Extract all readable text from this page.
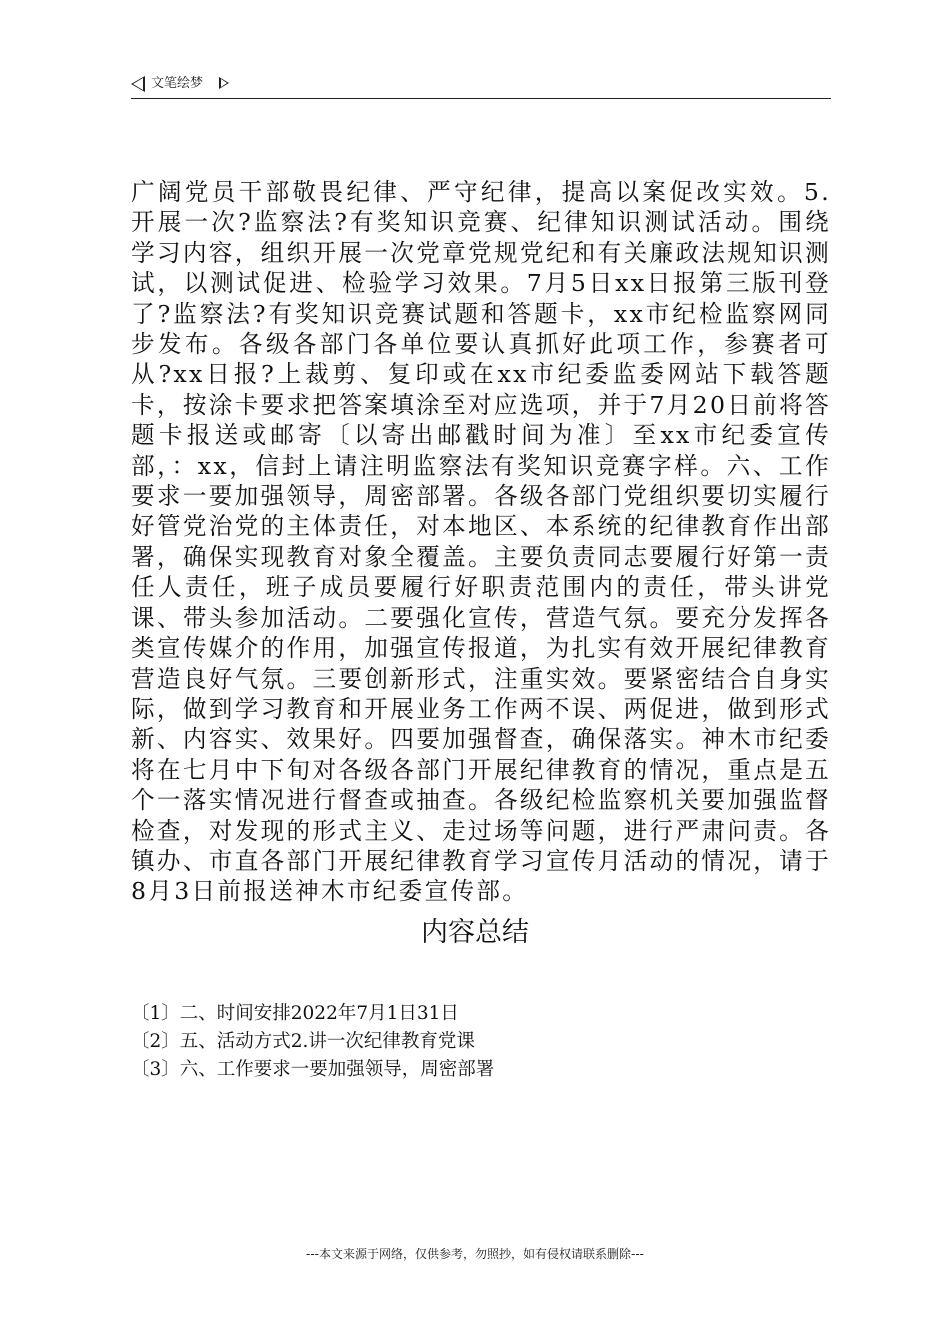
文笔绘梦

广阔党员干部敬畏纪律、严守纪律，提高以案促改实效。5.开展一次?监察法?有奖知识竞赛、纪律知识测试活动。围绕学习内容，组织开展一次党章党规党纪和有关廉政法规知识测试，以测试促进、检验学习效果。7月5日xx日报第三版刊登了?监察法?有奖知识竞赛试题和答题卡，xx市纪检监察网同步发布。各级各部门各单位要认真抓好此项工作，参赛者可从?xx日报?上裁剪、复印或在xx市纪委监委网站下载答题卡，按涂卡要求把答案填涂至对应选项，并于7月20日前将答题卡报送或邮寄〔以寄出邮戳时间为准〕至xx市纪委宣传部，：xx，信封上请注明监察法有奖知识竞赛字样。六、工作要求一要加强领导，周密部署。各级各部门党组织要切实履行好管党治党的主体责任，对本地区、本系统的纪律教育作出部署，确保实现教育对象全覆盖。主要负责同志要履行好第一责任人责任，班子成员要履行好职责范围内的责任，带头讲党课、带头参加活动。二要强化宣传，营造气氛。要充分发挥各类宣传媒介的作用，加强宣传报道，为扎实有效开展纪律教育营造良好气氛。三要创新形式，注重实效。要紧密结合自身实际，做到学习教育和开展业务工作两不误、两促进，做到形式新、内容实、效果好。四要加强督查，确保落实。神木市纪委将在七月中下旬对各级各部门开展纪律教育的情况，重点是五个一落实情况进行督查或抽查。各级纪检监察机关要加强监督检查，对发现的形式主义、走过场等问题，进行严肃问责。各镇办、市直各部门开展纪律教育学习宣传月活动的情况，请于8月3日前报送神木市纪委宣传部。

内容总结
〔1〕二、时间安排2022年7月1日31日
〔2〕五、活动方式2.讲一次纪律教育党课
〔3〕六、工作要求一要加强领导，周密部署
---本文来源于网络，仅供参考，勿照抄，如有侵权请联系删除---
